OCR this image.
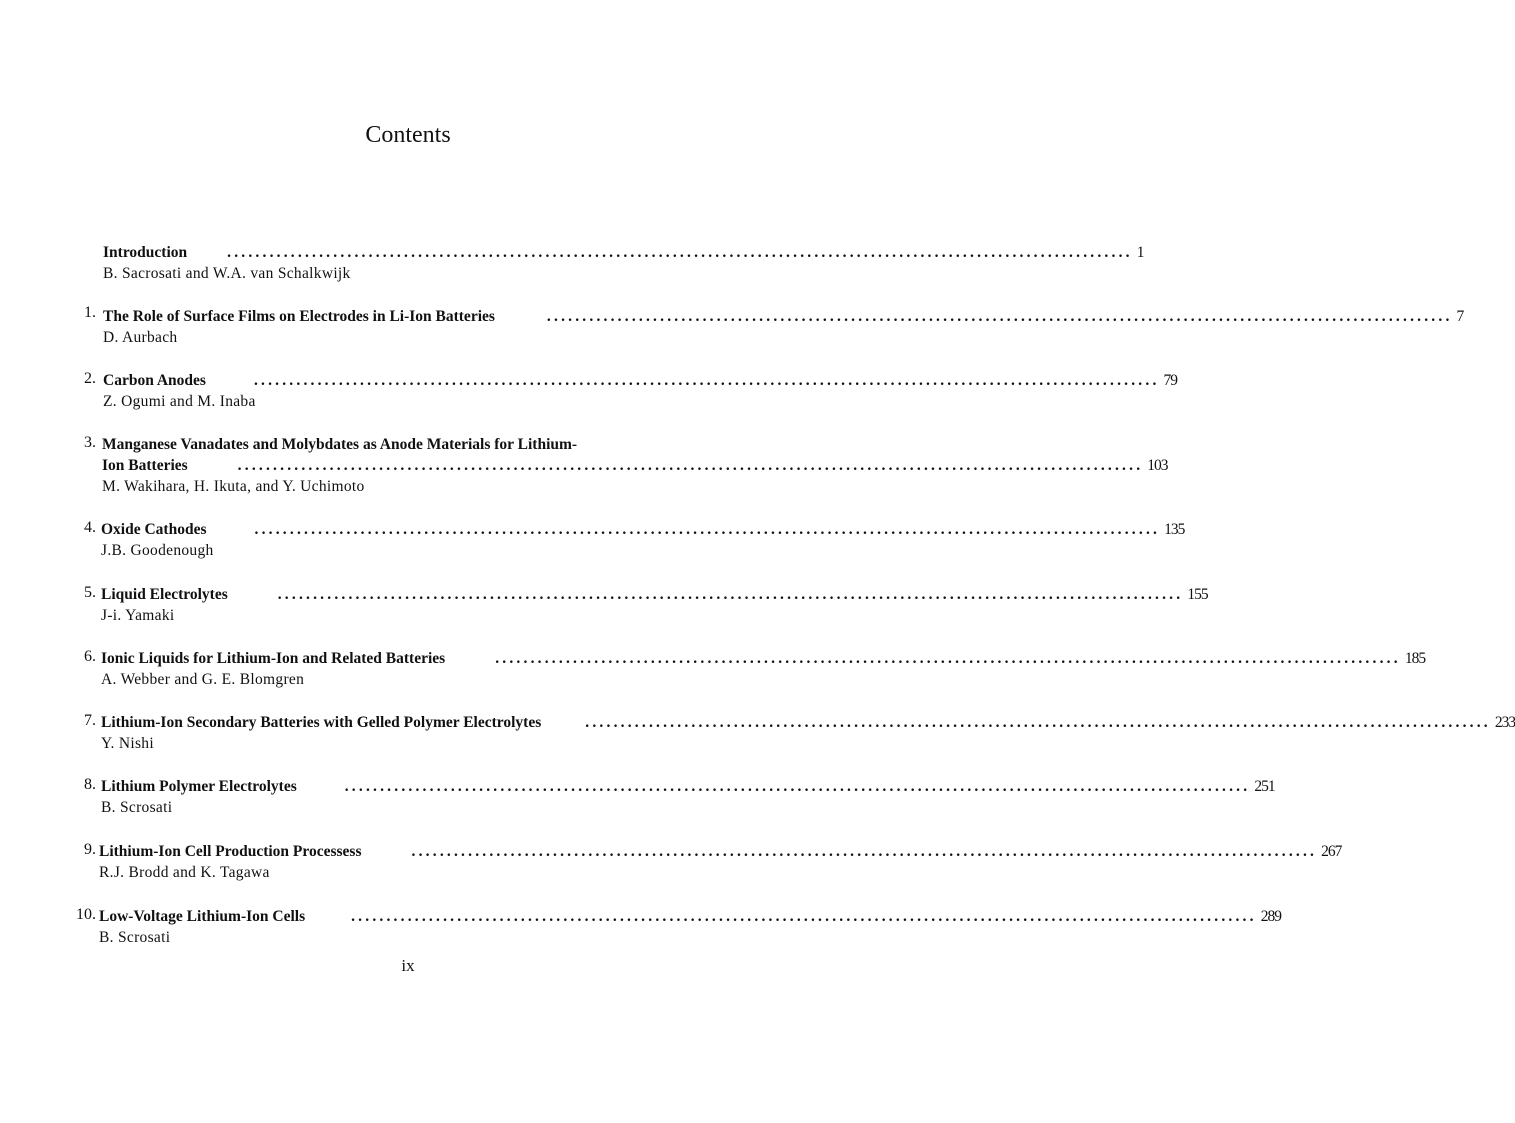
Contents
Introduction	................................................................................................................................ 1
B. Sacrosati and W.A. van Schalkwijk
1. The Role of Surface Films on Electrodes in Li-Ion Batteries	................................................................................................................................ 7
D. Aurbach
2. Carbon Anodes	................................................................................................................................ 79
Z. Ogumi and M. Inaba
3. Manganese Vanadates and Molybdates as Anode Materials for Lithium-
Ion Batteries	................................................................................................................................ 103
M. Wakihara, H. Ikuta, and Y. Uchimoto
4. Oxide Cathodes	................................................................................................................................ 135
J.B. Goodenough
5. Liquid Electrolytes	................................................................................................................................ 155
J-i. Yamaki
6. Ionic Liquids for Lithium-Ion and Related Batteries	................................................................................................................................ 185
A. Webber and G. E. Blomgren
7. Lithium-Ion Secondary Batteries with Gelled Polymer Electrolytes	................................................................................................................................ 233
Y. Nishi
8. Lithium Polymer Electrolytes	................................................................................................................................ 251
B. Scrosati
9. Lithium-Ion Cell Production Processess	................................................................................................................................ 267
R.J. Brodd and K. Tagawa
10. Low-Voltage Lithium-Ion Cells	................................................................................................................................ 289
B. Scrosati
ix
